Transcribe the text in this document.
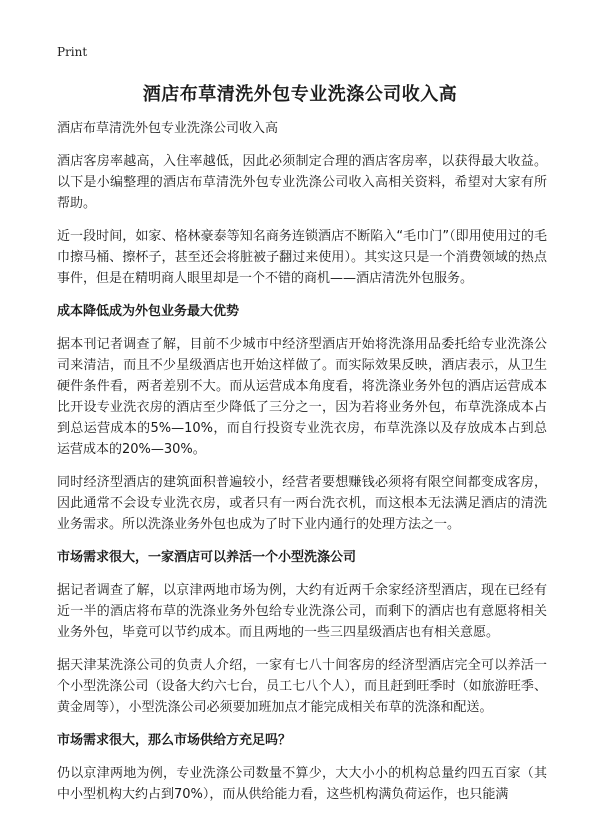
Print
酒店布草清洗外包专业洗涤公司收入高

酒店布草清洗外包专业洗涤公司收入高

酒店客房率越高，入住率越低，因此必须制定合理的酒店客房率，以获得最大收益。以下是小编整理的酒店布草清洗外包专业洗涤公司收入高相关资料，希望对大家有所帮助。

近一段时间，如家、格林豪泰等知名商务连锁酒店不断陷入“毛巾门”（即用使用过的毛巾擦马桶、擦杯子，甚至还会将脏被子翻过来使用）。其实这只是一个消费领域的热点事件，但是在精明商人眼里却是一个不错的商机——酒店清洗外包服务。

成本降低成为外包业务最大优势

据本刊记者调查了解，目前不少城市中经济型酒店开始将洗涤用品委托给专业洗涤公司来清洁，而且不少星级酒店也开始这样做了。而实际效果反映，酒店表示，从卫生硬件条件看，两者差别不大。而从运营成本角度看，将洗涤业务外包的酒店运营成本比开设专业洗衣房的酒店至少降低了三分之一，因为若将业务外包，布草洗涤成本占到总运营成本的5%—10%，而自行投资专业洗衣房，布草洗涤以及存放成本占到总运营成本的20%—30%。

同时经济型酒店的建筑面积普遍较小，经营者要想赚钱必须将有限空间都变成客房，因此通常不会设专业洗衣房，或者只有一两台洗衣机，而这根本无法满足酒店的清洗业务需求。所以洗涤业务外包也成为了时下业内通行的处理方法之一。

市场需求很大，一家酒店可以养活一个小型洗涤公司

据记者调查了解，以京津两地市场为例，大约有近两千余家经济型酒店，现在已经有近一半的酒店将布草的洗涤业务外包给专业洗涤公司，而剩下的酒店也有意愿将相关业务外包，毕竟可以节约成本。而且两地的一些三四星级酒店也有相关意愿。

据天津某洗涤公司的负责人介绍，一家有七八十间客房的经济型酒店完全可以养活一个小型洗涤公司（设备大约六七台，员工七八个人），而且赶到旺季时（如旅游旺季、黄金周等），小型洗涤公司必须要加班加点才能完成相关布草的洗涤和配送。

市场需求很大，那么市场供给方充足吗？

仍以京津两地为例，专业洗涤公司数量不算少，大大小小的机构总量约四五百家（其中小型机构大约占到70%），而从供给能力看，这些机构满负荷运作，也只能满
